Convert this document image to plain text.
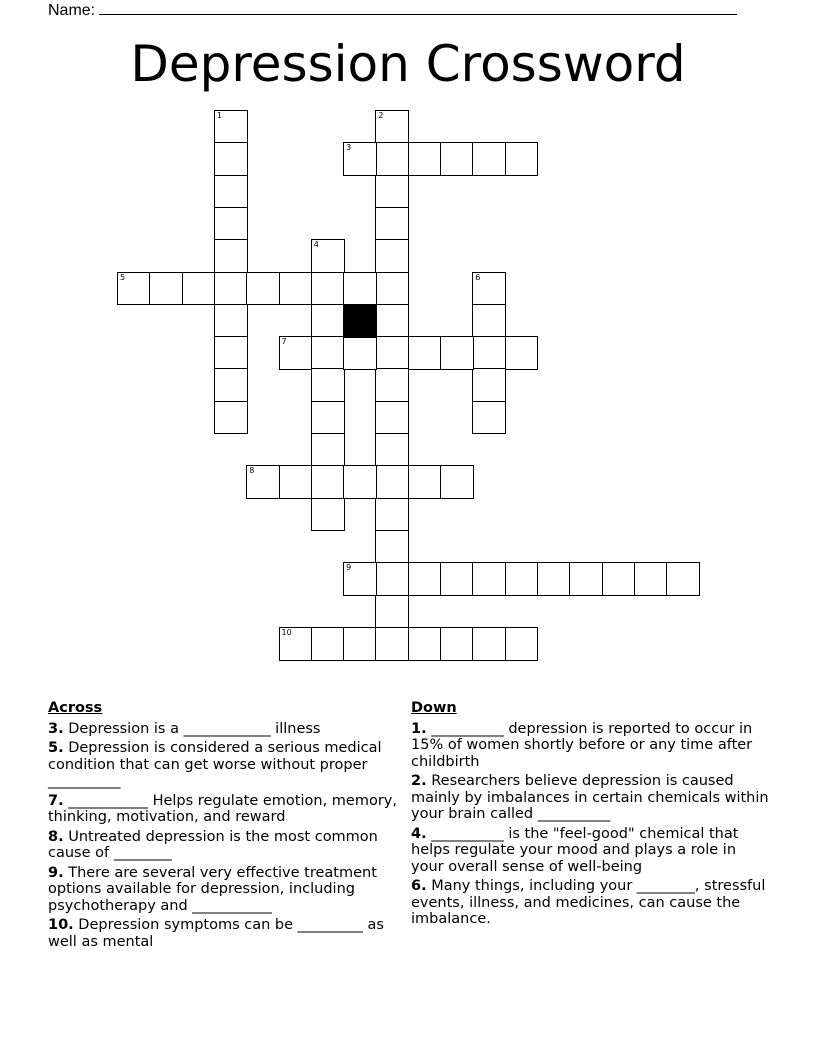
Name:
Depression Crossword
1	2
3
4
5	6
7
8
9
10
Across
3. Depression is a ____________ illness
5. Depression is considered a serious medical condition that can get worse without proper __________
7. ___________ Helps regulate emotion, memory, thinking, motivation, and reward
8. Untreated depression is the most common cause of ________
9. There are several very effective treatment options available for depression, including psychotherapy and ___________
10. Depression symptoms can be _________ as well as mental
Down
1. __________ depression is reported to occur in 15% of women shortly before or any time after childbirth
2. Researchers believe depression is caused mainly by imbalances in certain chemicals within your brain called __________
4. __________ is the "feel-good" chemical that helps regulate your mood and plays a role in your overall sense of well-being
6. Many things, including your ________, stressful events, illness, and medicines, can cause the imbalance.
